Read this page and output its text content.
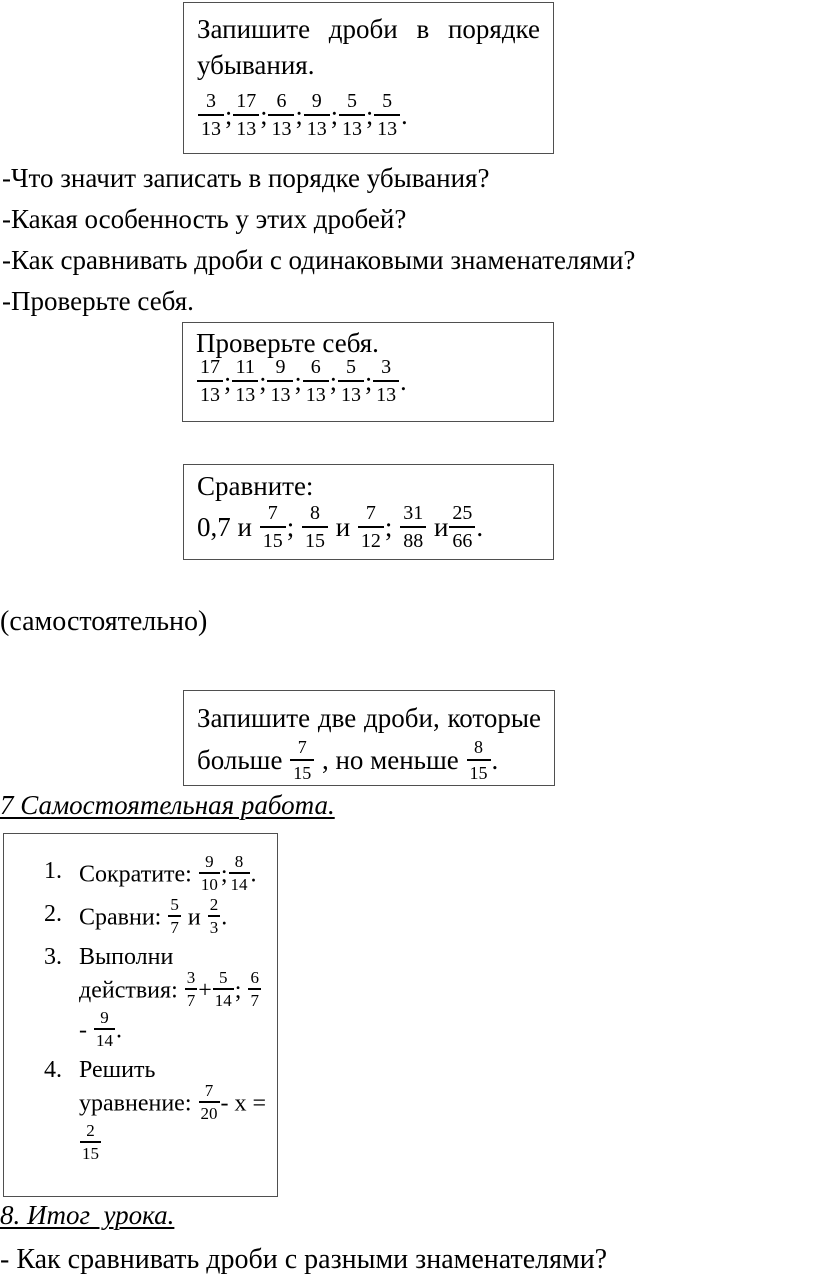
Запишите дроби в порядке убывания.
$\frac{3}{13}$ ; $\frac{17}{13}$ ; $\frac{6}{13}$ ; $\frac{9}{13}$ ; $\frac{5}{13}$ ; $\frac{5}{13}$ .
-Что значит записать в порядке убывания?
-Какая особенность у этих дробей?
-Как сравнивать дроби с одинаковыми знаменателями?
-Проверьте себя.
Проверьте себя.
$\frac{17}{13}$ ; $\frac{11}{13}$ ; $\frac{9}{13}$ ; $\frac{6}{13}$ ; $\frac{5}{13}$ ; $\frac{3}{13}$ .
Сравните:
0,7 и $\frac{7}{15}$ ; $\frac{8}{15}$ и $\frac{7}{12}$ ; $\frac{31}{88}$ и $\frac{25}{66}$ .
(самостоятельно)
Запишите две дроби, которые больше $\frac{7}{15}$ , но меньше $\frac{8}{15}$ .
7 Самостоятельная работа.
1. Сократите: $\frac{9}{10}$ ; $\frac{8}{14}$ .
2. Сравни: $\frac{5}{7}$ и $\frac{2}{3}$ .
3. Выполни действия: $\frac{3}{7} + \frac{5}{14}$ ; $\frac{6}{7}$
- $\frac{9}{14}$ .
4. Решить уравнение: $\frac{7}{20}$ - х =
$\frac{2}{15}$
8. Итог  урока.
- Как сравнивать дроби с разными знаменателями?
